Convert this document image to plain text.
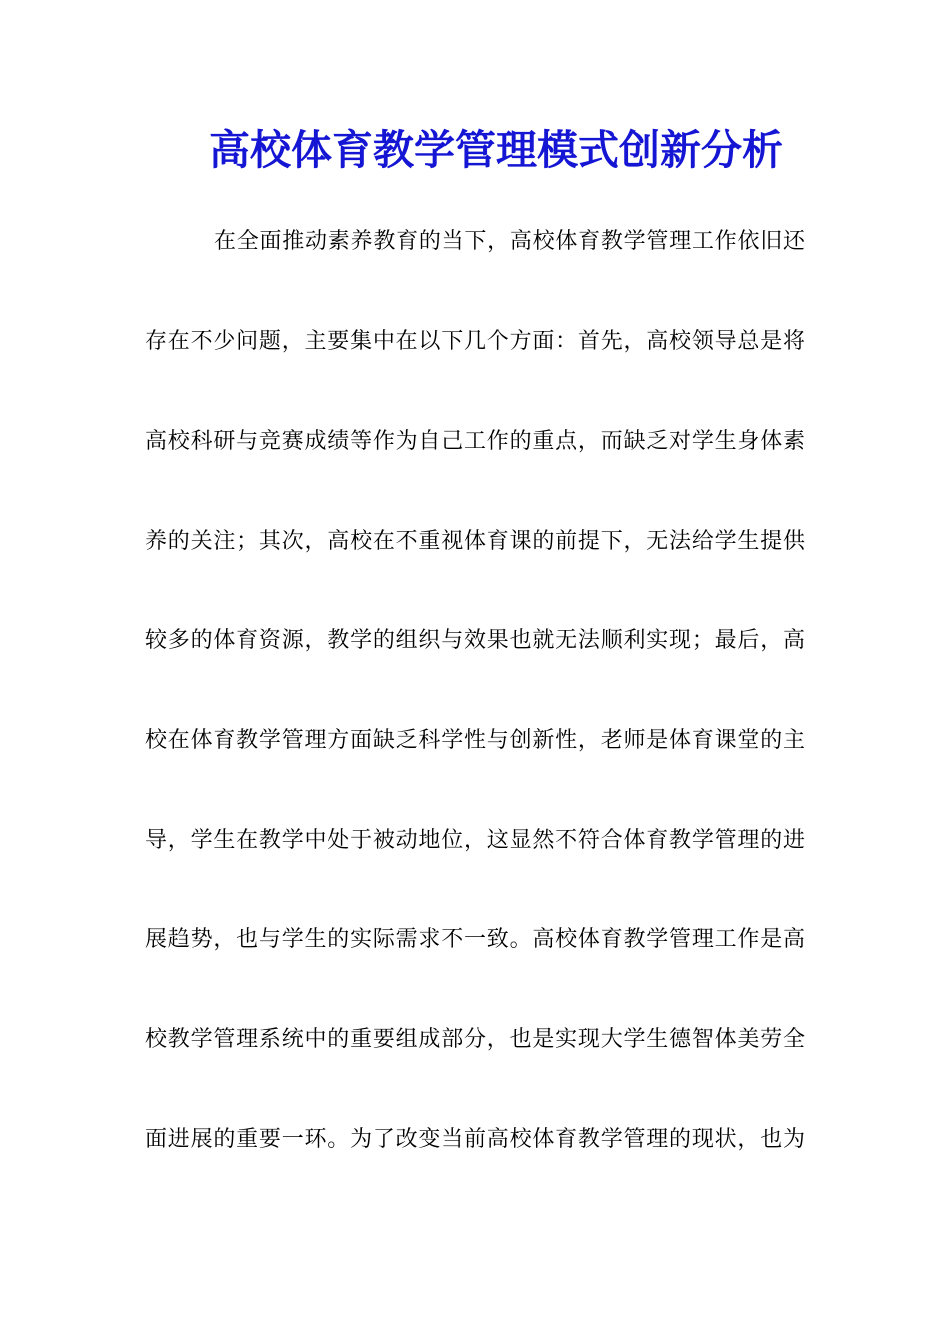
高校体育教学管理模式创新分析
在全面推动素养教育的当下，高校体育教学管理工作依旧还
存在不少问题，主要集中在以下几个方面：首先，高校领导总是将
高校科研与竞赛成绩等作为自己工作的重点，而缺乏对学生身体素
养的关注；其次，高校在不重视体育课的前提下，无法给学生提供
较多的体育资源，教学的组织与效果也就无法顺利实现；最后，高
校在体育教学管理方面缺乏科学性与创新性，老师是体育课堂的主
导，学生在教学中处于被动地位，这显然不符合体育教学管理的进
展趋势，也与学生的实际需求不一致。高校体育教学管理工作是高
校教学管理系统中的重要组成部分，也是实现大学生德智体美劳全
面进展的重要一环。为了改变当前高校体育教学管理的现状，也为
